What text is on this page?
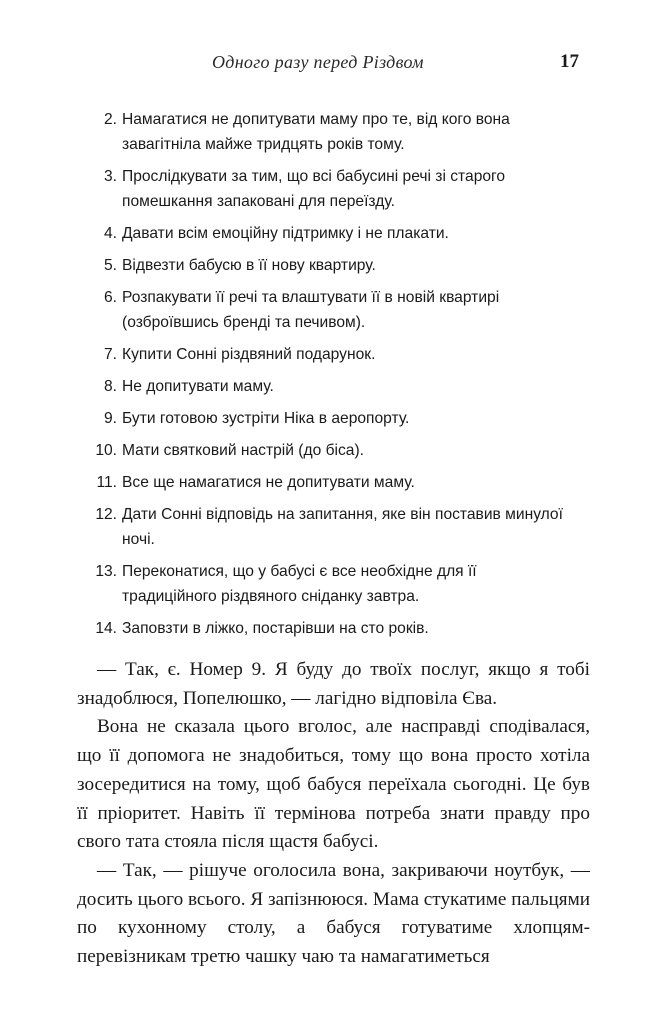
Одного разу перед Різдвом	17
2. Намагатися не допитувати маму про те, від кого вона завагітніла майже тридцять років тому.
3. Прослідкувати за тим, що всі бабусині речі зі старого помешкання запаковані для переїзду.
4. Давати всім емоційну підтримку і не плакати.
5. Відвезти бабусю в її нову квартиру.
6. Розпакувати її речі та влаштувати її в новій квартирі (озброївшись бренді та печивом).
7. Купити Сонні різдвяний подарунок.
8. Не допитувати маму.
9. Бути готовою зустріти Ніка в аеропорту.
10. Мати святковий настрій (до біса).
11. Все ще намагатися не допитувати маму.
12. Дати Сонні відповідь на запитання, яке він поставив минулої ночі.
13. Переконатися, що у бабусі є все необхідне для її традиційного різдвяного сніданку завтра.
14. Заповзти в ліжко, постарівши на сто років.

— Так, є. Номер 9. Я буду до твоїх послуг, якщо я тобі знадоблюся, Попелюшко, — лагідно відповіла Єва.

Вона не сказала цього вголос, але насправді сподівалася, що її допомога не знадобиться, тому що вона просто хотіла зосередитися на тому, щоб бабуся переїхала сьогодні. Це був її пріоритет. Навіть її термінова потреба знати правду про свого тата стояла після щастя бабусі.

— Так, — рішуче оголосила вона, закриваючи ноутбук, — досить цього всього. Я запізнююся. Мама стукатиме пальцями по кухонному столу, а бабуся готуватиме хлопцям-перевізникам третю чашку чаю та намагатиметься
